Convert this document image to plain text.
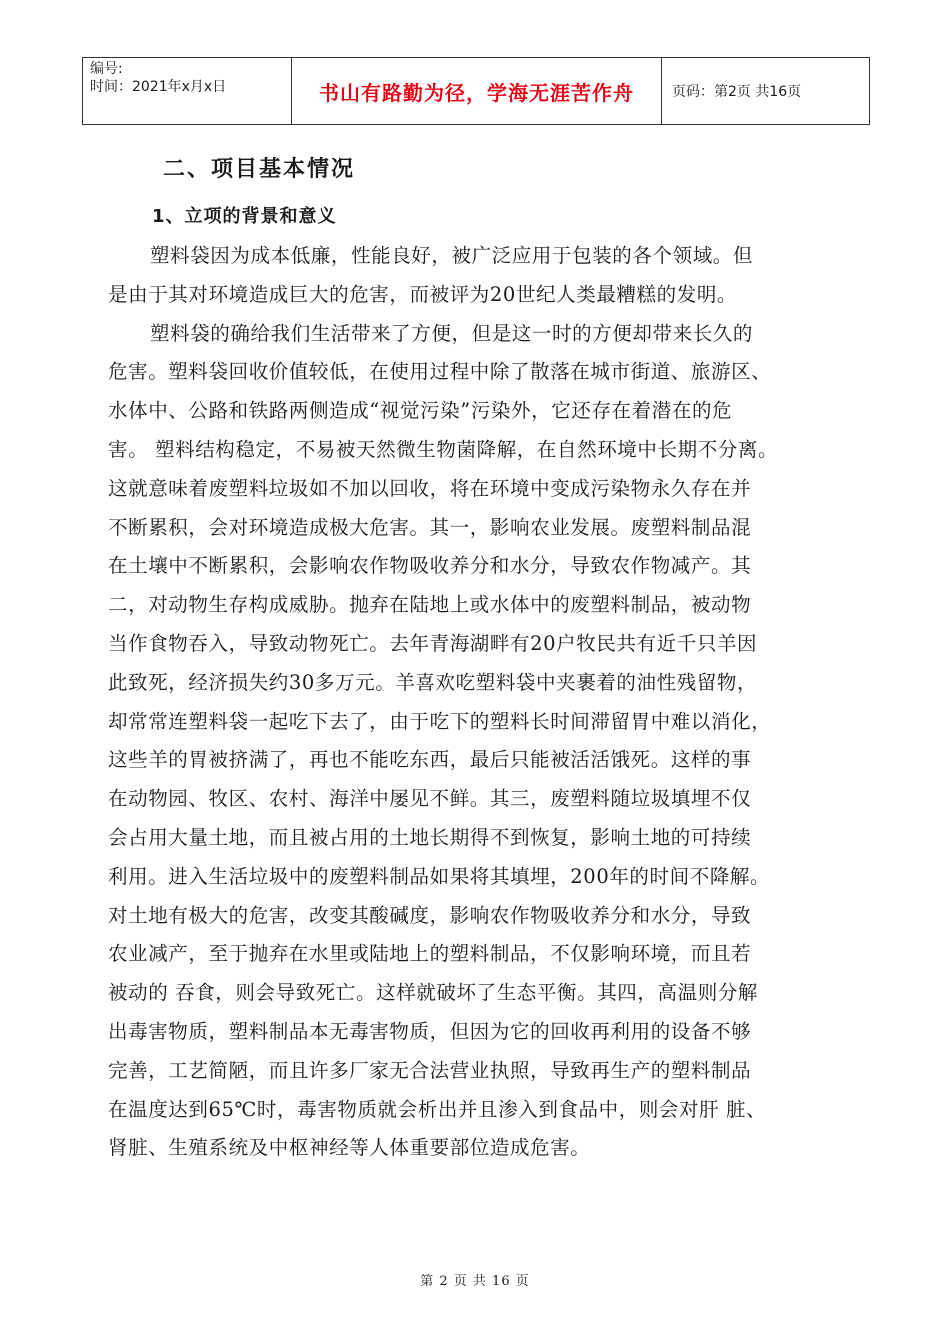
编号:
时间：2021年x月x日	书山有路勤为径，学海无涯苦作舟	页码：第2页 共16页
二、项目基本情况
1、立项的背景和意义
塑料袋因为成本低廉，性能良好，被广泛应用于包装的各个领域。但
是由于其对环境造成巨大的危害，而被评为20世纪人类最糟糕的发明。
塑料袋的确给我们生活带来了方便，但是这一时的方便却带来长久的
危害。塑料袋回收价值较低，在使用过程中除了散落在城市街道、旅游区、
水体中、公路和铁路两侧造成“视觉污染”污染外，它还存在着潜在的危
害。 塑料结构稳定，不易被天然微生物菌降解，在自然环境中长期不分离。
这就意味着废塑料垃圾如不加以回收，将在环境中变成污染物永久存在并
不断累积，会对环境造成极大危害。其一，影响农业发展。废塑料制品混
在土壤中不断累积，会影响农作物吸收养分和水分，导致农作物减产。其
二，对动物生存构成威胁。抛弃在陆地上或水体中的废塑料制品，被动物
当作食物吞入，导致动物死亡。去年青海湖畔有20户牧民共有近千只羊因
此致死，经济损失约30多万元。羊喜欢吃塑料袋中夹裹着的油性残留物，
却常常连塑料袋一起吃下去了，由于吃下的塑料长时间滞留胃中难以消化，
这些羊的胃被挤满了，再也不能吃东西，最后只能被活活饿死。这样的事
在动物园、牧区、农村、海洋中屡见不鲜。其三，废塑料随垃圾填埋不仅
会占用大量土地，而且被占用的土地长期得不到恢复，影响土地的可持续
利用。进入生活垃圾中的废塑料制品如果将其填埋，200年的时间不降解。
对土地有极大的危害，改变其酸碱度，影响农作物吸收养分和水分，导致
农业减产，至于抛弃在水里或陆地上的塑料制品，不仅影响环境，而且若
被动的 吞食，则会导致死亡。这样就破坏了生态平衡。其四，高温则分解
出毒害物质，塑料制品本无毒害物质，但因为它的回收再利用的设备不够
完善，工艺简陋，而且许多厂家无合法营业执照，导致再生产的塑料制品
在温度达到65℃时，毒害物质就会析出并且渗入到食品中，则会对肝 脏、
肾脏、生殖系统及中枢神经等人体重要部位造成危害。
第 2 页 共 16 页
